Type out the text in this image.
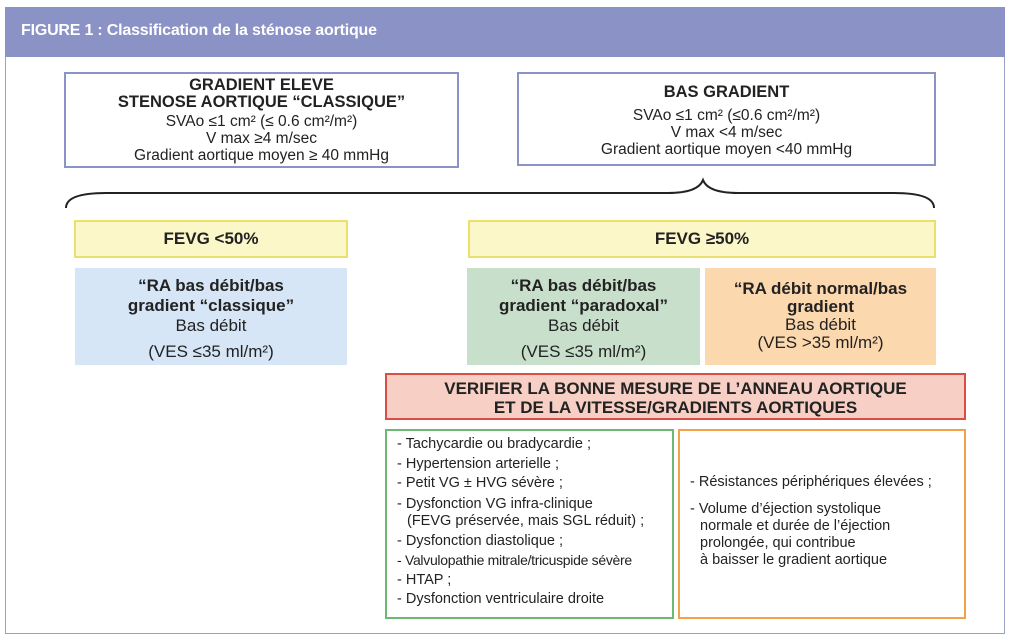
FIGURE 1 : Classification de la sténose aortique
GRADIENT ELEVE
STENOSE AORTIQUE “CLASSIQUE”
SVAo ≤1 cm² (≤ 0.6 cm²/m²)
V max ≥4 m/sec
Gradient aortique moyen ≥ 40 mmHg
BAS GRADIENT
SVAo ≤1 cm² (≤0.6 cm²/m²)
V max <4 m/sec
Gradient aortique moyen <40 mmHg
FEVG <50%	FEVG ≥50%
“RA bas débit/bas
gradient “classique”
Bas débit
(VES ≤35 ml/m²)
“RA bas débit/bas
gradient “paradoxal”
Bas débit
(VES ≤35 ml/m²)
“RA débit normal/bas
gradient
Bas débit
(VES >35 ml/m²)
VERIFIER LA BONNE MESURE DE L’ANNEAU AORTIQUE
ET DE LA VITESSE/GRADIENTS AORTIQUES
- Tachycardie ou bradycardie ;
- Hypertension arterielle ;
- Petit VG ± HVG sévère ;
- Dysfonction VG infra-clinique
(FEVG préservée, mais SGL réduit) ;
- Dysfonction diastolique ;
- Valvulopathie mitrale/tricuspide sévère
- HTAP ;
- Dysfonction ventriculaire droite
- Résistances périphériques élevées ;
- Volume d’éjection systolique
normale et durée de l’éjection
prolongée, qui contribue
à baisser le gradient aortique
